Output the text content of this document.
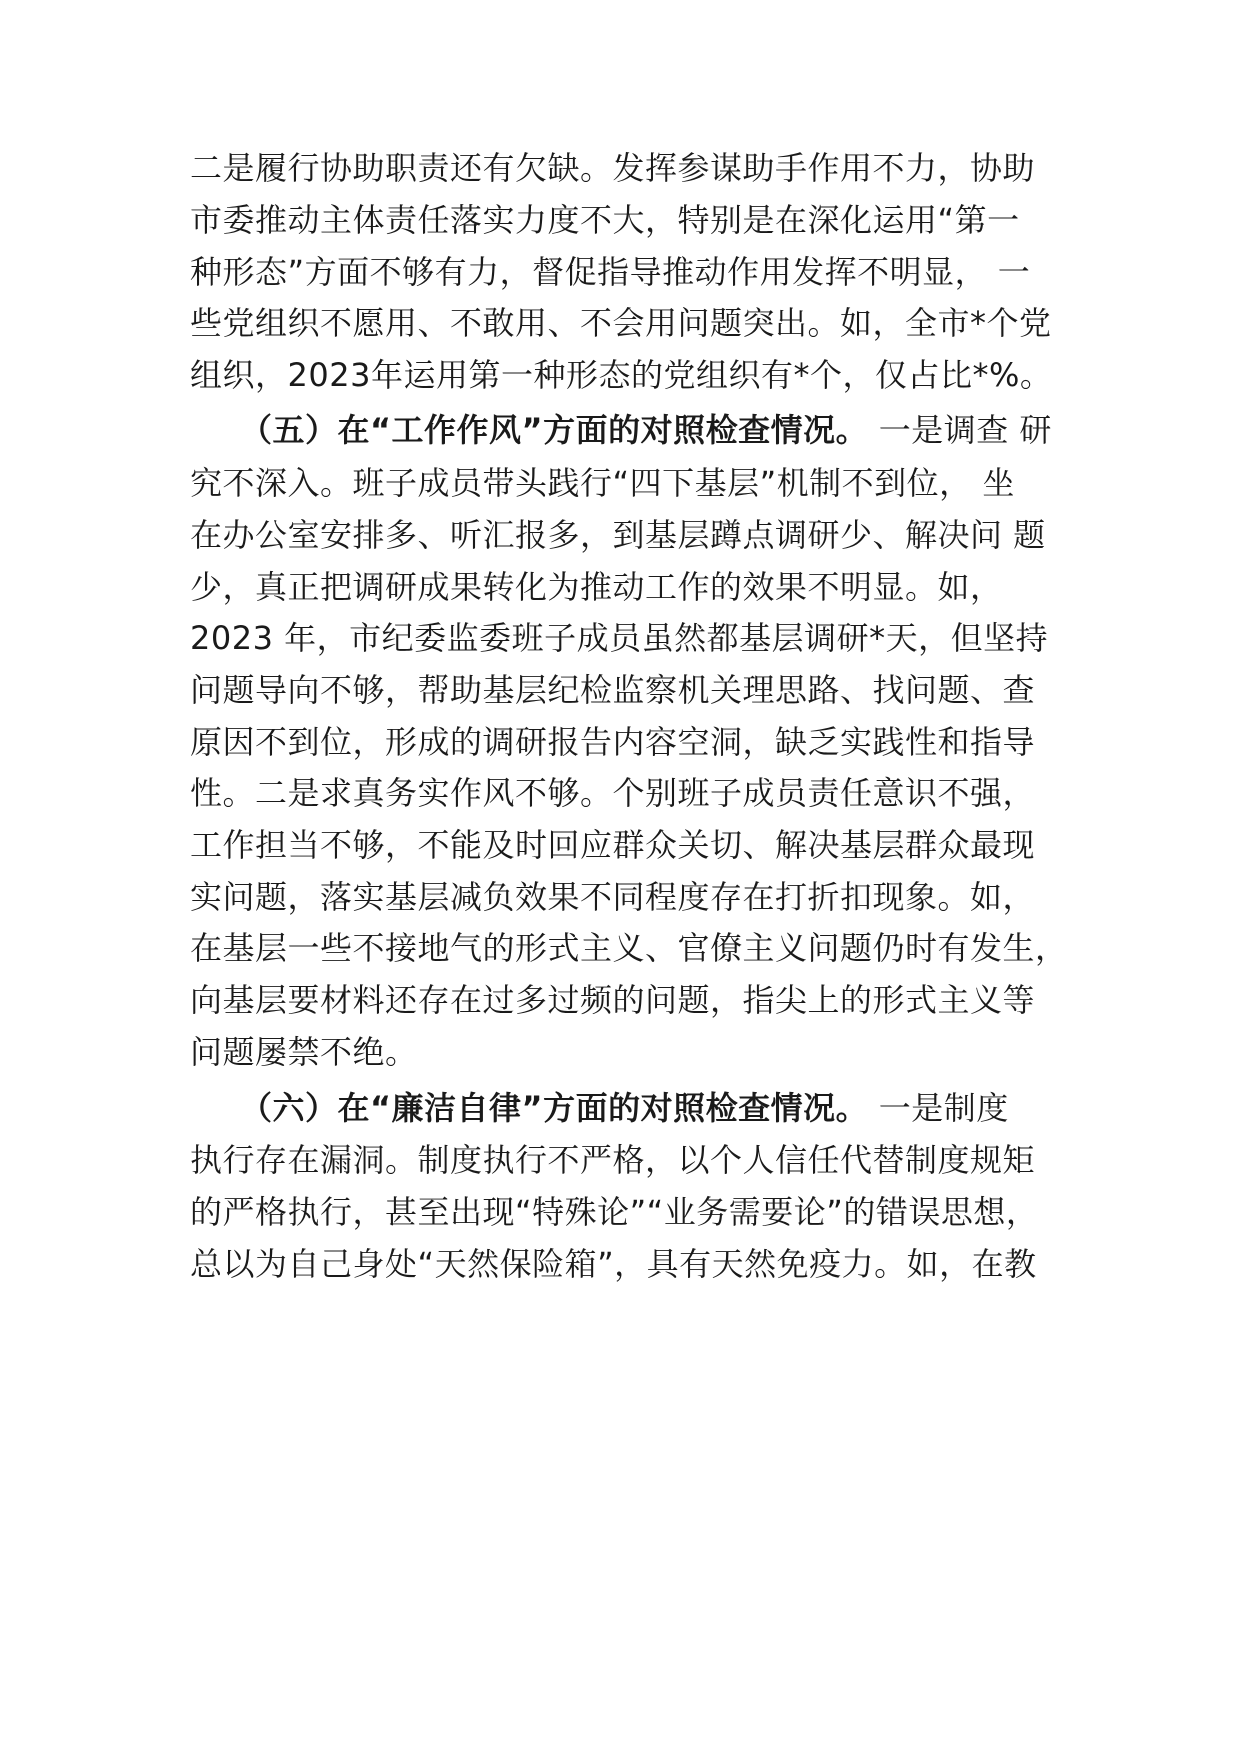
二是履行协助职责还有欠缺。发挥参谋助手作用不力，协助
市委推动主体责任落实力度不大，特别是在深化运用“第一
种形态”方面不够有力，督促指导推动作用发挥不明显， 一
些党组织不愿用、不敢用、不会用问题突出。如，全市*个党
组织，2023年运用第一种形态的党组织有*个，仅占比*%。
（五）在“工作作风”方面的对照检查情况。 一是调查 研
究不深入。班子成员带头践行“四下基层”机制不到位， 坐
在办公室安排多、听汇报多，到基层蹲点调研少、解决问 题
少，真正把调研成果转化为推动工作的效果不明显。如，
2023 年，市纪委监委班子成员虽然都基层调研*天，但坚持
问题导向不够，帮助基层纪检监察机关理思路、找问题、查
原因不到位，形成的调研报告内容空洞，缺乏实践性和指导
性。二是求真务实作风不够。个别班子成员责任意识不强，
工作担当不够，不能及时回应群众关切、解决基层群众最现
实问题，落实基层减负效果不同程度存在打折扣现象。如，
在基层一些不接地气的形式主义、官僚主义问题仍时有发生，
向基层要材料还存在过多过频的问题，指尖上的形式主义等
问题屡禁不绝。
（六）在“廉洁自律”方面的对照检查情况。 一是制度
执行存在漏洞。制度执行不严格，以个人信任代替制度规矩
的严格执行，甚至出现“特殊论”“业务需要论”的错误思想，
总以为自己身处“天然保险箱”，具有天然免疫力。如，在教
